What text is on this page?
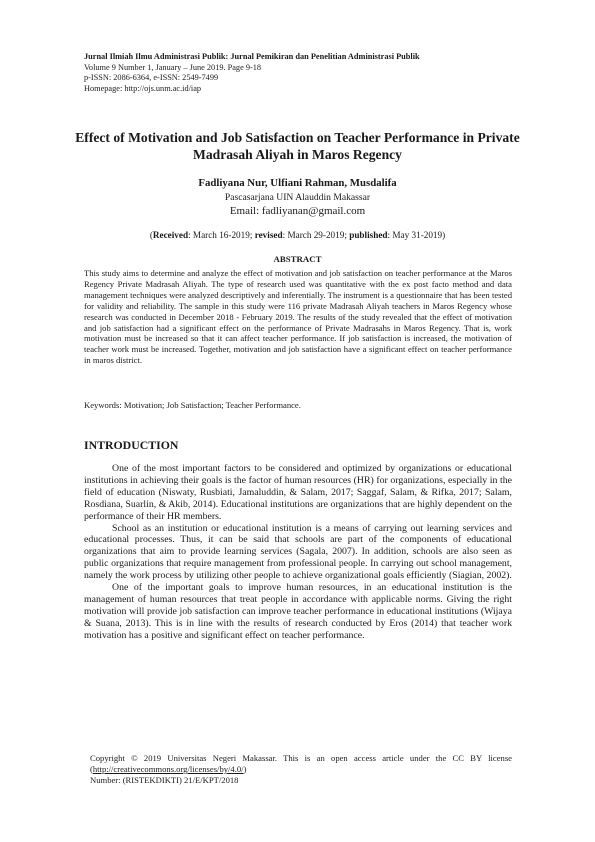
Jurnal Ilmiah Ilmu Administrasi Publik: Jurnal Pemikiran dan Penelitian Administrasi Publik
Volume 9 Number 1, January – June 2019. Page 9-18
p-ISSN: 2086-6364, e-ISSN: 2549-7499
Homepage: http://ojs.unm.ac.id/iap
Effect of Motivation and Job Satisfaction on Teacher Performance in Private Madrasah Aliyah in Maros Regency
Fadliyana Nur, Ulfiani Rahman, Musdalifa
Pascasarjana UIN Alauddin Makassar
Email: fadliyanan@gmail.com
(Received: March 16-2019; revised: March 29-2019; published: May 31-2019)
ABSTRACT
This study aims to determine and analyze the effect of motivation and job satisfaction on teacher performance at the Maros Regency Private Madrasah Aliyah. The type of research used was quantitative with the ex post facto method and data management techniques were analyzed descriptively and inferentially. The instrument is a questionnaire that has been tested for validity and reliability. The sample in this study were 116 private Madrasah Aliyah teachers in Maros Regency whose research was conducted in December 2018 - February 2019. The results of the study revealed that the effect of motivation and job satisfaction had a significant effect on the performance of Private Madrasahs in Maros Regency. That is, work motivation must be increased so that it can affect teacher performance. If job satisfaction is increased, the motivation of teacher work must be increased. Together, motivation and job satisfaction have a significant effect on teacher performance in maros district.
Keywords: Motivation; Job Satisfaction; Teacher Performance.
INTRODUCTION

One of the most important factors to be considered and optimized by organizations or educational institutions in achieving their goals is the factor of human resources (HR) for organizations, especially in the field of education (Niswaty, Rusbiati, Jamaluddin, & Salam, 2017; Saggaf, Salam, & Rifka, 2017; Salam, Rosdiana, Suarlin, & Akib, 2014). Educational institutions are organizations that are highly dependent on the performance of their HR members.

School as an institution or educational institution is a means of carrying out learning services and educational processes. Thus, it can be said that schools are part of the components of educational organizations that aim to provide learning services (Sagala, 2007). In addition, schools are also seen as public organizations that require management from professional people. In carrying out school management, namely the work process by utilizing other people to achieve organizational goals efficiently (Siagian, 2002).

One of the important goals to improve human resources, in an educational institution is the management of human resources that treat people in accordance with applicable norms. Giving the right motivation will provide job satisfaction can improve teacher performance in educational institutions (Wijaya & Suana, 2013). This is in line with the results of research conducted by Eros (2014) that teacher work motivation has a positive and significant effect on teacher performance.

Copyright © 2019 Universitas Negeri Makassar. This is an open access article under the CC BY license (http://creativecommons.org/licenses/by/4.0/)
Number: (RISTEKDIKTI) 21/E/KPT/2018
